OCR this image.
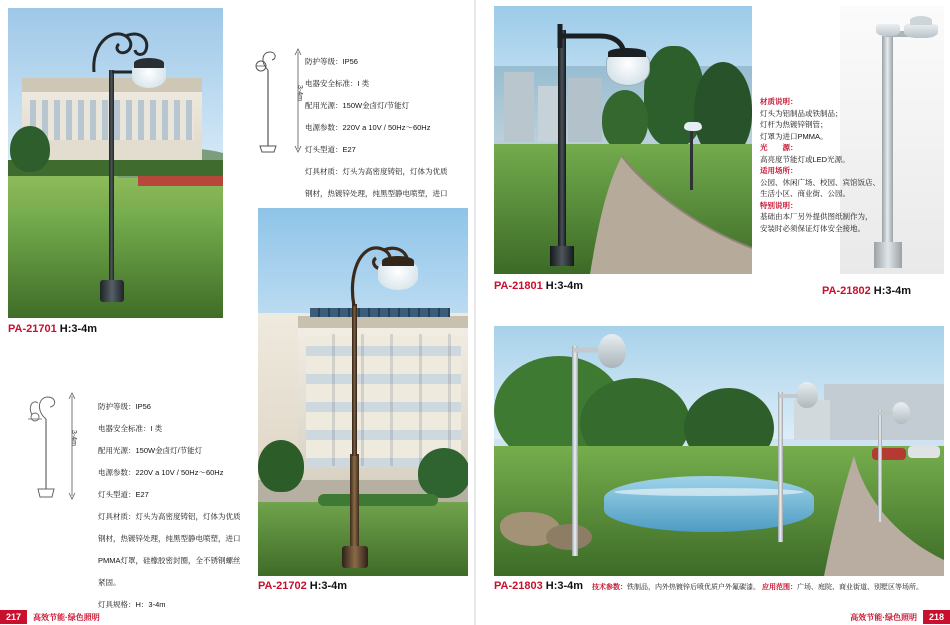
PA-21701 H:3-4m
3-4m

防护等级：IP56

电器安全标准：I 类

配用光源：150W金卤灯/节能灯

电源参数：220V a 10V / 50Hz～60Hz

灯头型道：E27

灯具材质：灯头为高密度铸铝，灯体为优质

钢材，热镀锌处理，纯黑型静电喷塑，进口

3-4m

防护等级：IP56

电器安全标准：I 类

配用光源：150W金卤灯/节能灯

电源参数：220V a 10V / 50Hz～60Hz

灯头型道：E27

灯具材质：灯头为高密度铸铝，灯体为优质

钢材，热镀锌处理，纯黑型静电喷塑，进口

PMMA灯罩，硅橡胶密封圈，全不锈钢螺丝

紧固。

灯具规格：H：3-4m

PA-21702 H:3-4m
217	高效节能·绿色照明
PA-21801 H:3-4m	PA-21802 H:3-4m
材质说明：
灯头为铝制品或铁制品；
灯杆为热镀锌钢管；
灯罩为进口PMMA。
光　　源：
高亮度节能灯或LED光源。
适用场所：
公园、休闲广场、校园、宾馆饭店、
生活小区、商业街、公园。
特别说明：
基础由本厂另外提供图纸制作为，
安装时必须保证灯体安全接地。
PA-21803 H:3-4m 技术参数：铁制品，内外热镀锌后喷优质户外氟碳漆。 应用范围：广场、庭院、商业街道、别墅区等场所。
高效节能·绿色照明	218
